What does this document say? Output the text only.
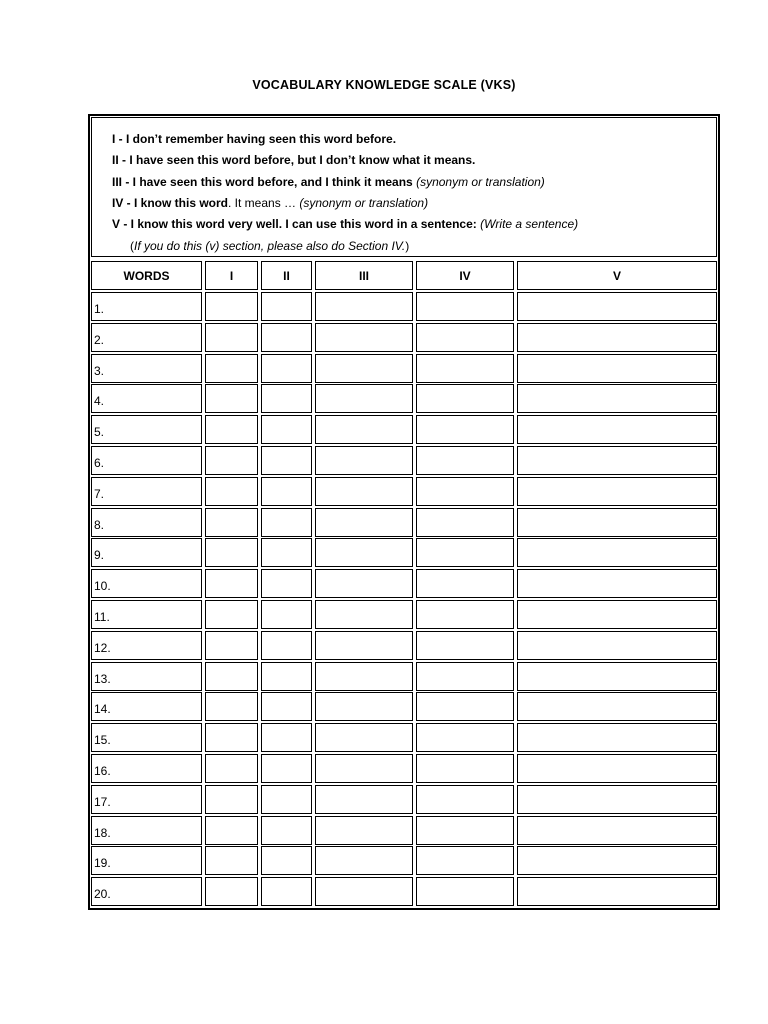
VOCABULARY KNOWLEDGE SCALE (VKS)
I - I don’t remember having seen this word before.
II - I have seen this word before, but I don’t know what it means.
III - I have seen this word before, and I think it means (synonym or translation)
IV - I know this word. It means … (synonym or translation)
V - I know this word very well. I can use this word in a sentence: (Write a sentence)
(If you do this (v) section, please also do Section IV.)
WORDS	I	II	III	IV	V
1.
2.
3.
4.
5.
6.
7.
8.
9.
10.
11.
12.
13.
14.
15.
16.
17.
18.
19.
20.
